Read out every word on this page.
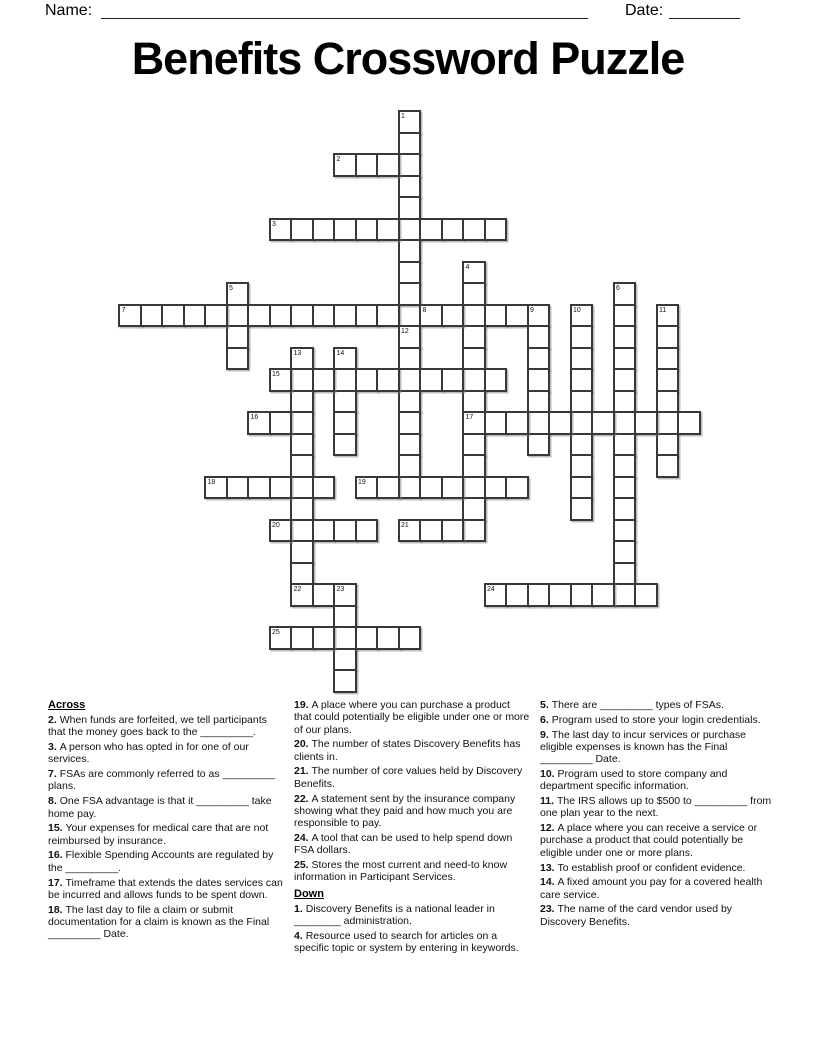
Name:	Date:
Benefits Crossword Puzzle
1
2
3
4
17
5	6
7	8	9	10	11
12
13
22
14
15
16
18	19
20	21
23	24
25
Across
2. When funds are forfeited, we tell participants that the money goes back to the _________.
3. A person who has opted in for one of our services.
7. FSAs are commonly referred to as _________ plans.
8. One FSA advantage is that it _________ take home pay.
15. Your expenses for medical care that are not reimbursed by insurance.
16. Flexible Spending Accounts are regulated by the _________.
17. Timeframe that extends the dates services can be incurred and allows funds to be spent down.
18. The last day to file a claim or submit documentation for a claim is known as the Final _________ Date.
19. A place where you can purchase a product that could potentially be eligible under one or more of our plans.
20. The number of states Discovery Benefits has clients in.
21. The number of core values held by Discovery Benefits.
22. A statement sent by the insurance company showing what they paid and how much you are responsible to pay.
24. A tool that can be used to help spend down FSA dollars.
25. Stores the most current and need-to know information in Participant Services.
Down
1. Discovery Benefits is a national leader in ________ administration.
4. Resource used to search for articles on a specific topic or system by entering in keywords.
5. There are _________ types of FSAs.
6. Program used to store your login credentials.
9. The last day to incur services or purchase eligible expenses is known has the Final _________ Date.
10. Program used to store company and department specific information.
11. The IRS allows up to $500 to _________ from one plan year to the next.
12. A place where you can receive a service or purchase a product that could potentially be eligible under one or more plans.
13. To establish proof or confident evidence.
14. A fixed amount you pay for a covered health care service.
23. The name of the card vendor used by Discovery Benefits.
